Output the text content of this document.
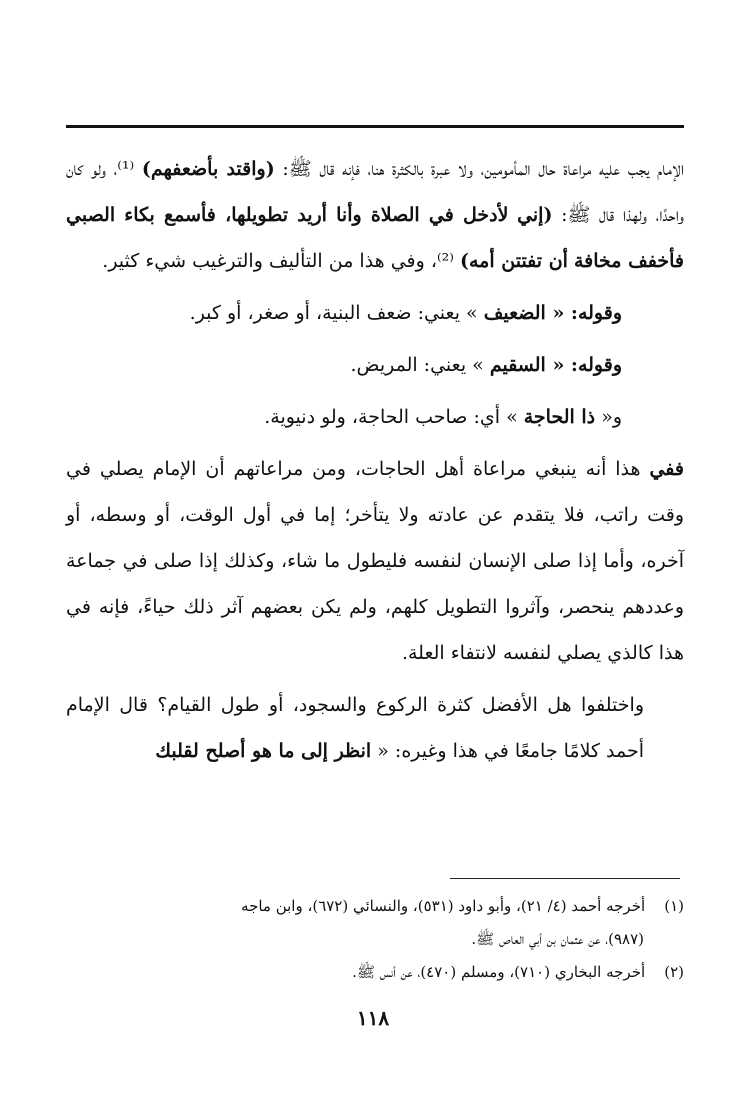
الإمام يجب عليه مراعاة حال المأمومين، ولا عبرة بالكثرة هنا، فإنه قال ﷺ: (واقتد بأضعفهم) ⁽¹⁾، ولو كان واحدًا، ولهذا قال ﷺ: (إني لأدخل في الصلاة وأنا أريد تطويلها، فأسمع بكاء الصبي فأخفف مخافة أن تفتتن أمه) ⁽²⁾، وفي هذا من التأليف والترغيب شيء كثير.

وقوله: « الضعيف » يعني: ضعف البنية، أو صغر، أو كبر.

وقوله: « السقيم » يعني: المريض.

و« ذا الحاجة » أي: صاحب الحاجة، ولو دنيوية.

ففي هذا أنه ينبغي مراعاة أهل الحاجات، ومن مراعاتهم أن الإمام يصلي في وقت راتب، فلا يتقدم عن عادته ولا يتأخر؛ إما في أول الوقت، أو وسطه، أو آخره، وأما إذا صلى الإنسان لنفسه فليطول ما شاء، وكذلك إذا صلى في جماعة وعددهم ينحصر، وآثروا التطويل كلهم، ولم يكن بعضهم آثر ذلك حياءً، فإنه في هذا كالذي يصلي لنفسه لانتفاء العلة.

واختلفوا هل الأفضل كثرة الركوع والسجود، أو طول القيام؟ قال الإمام أحمد كلامًا جامعًا في هذا وغيره: « انظر إلى ما هو أصلح لقلبك

(١)    أخرجه أحمد (٤/ ٢١)، وأبو داود (٥٣١)، والنسائي (٦٧٢)، وابن ماجه

(٩٨٧)، عن عثمان بن أبي العاص ﷺ.

(٢)    أخرجه البخاري (٧١٠)، ومسلم (٤٧٠)، عن أنس ﷺ.

١١٨
